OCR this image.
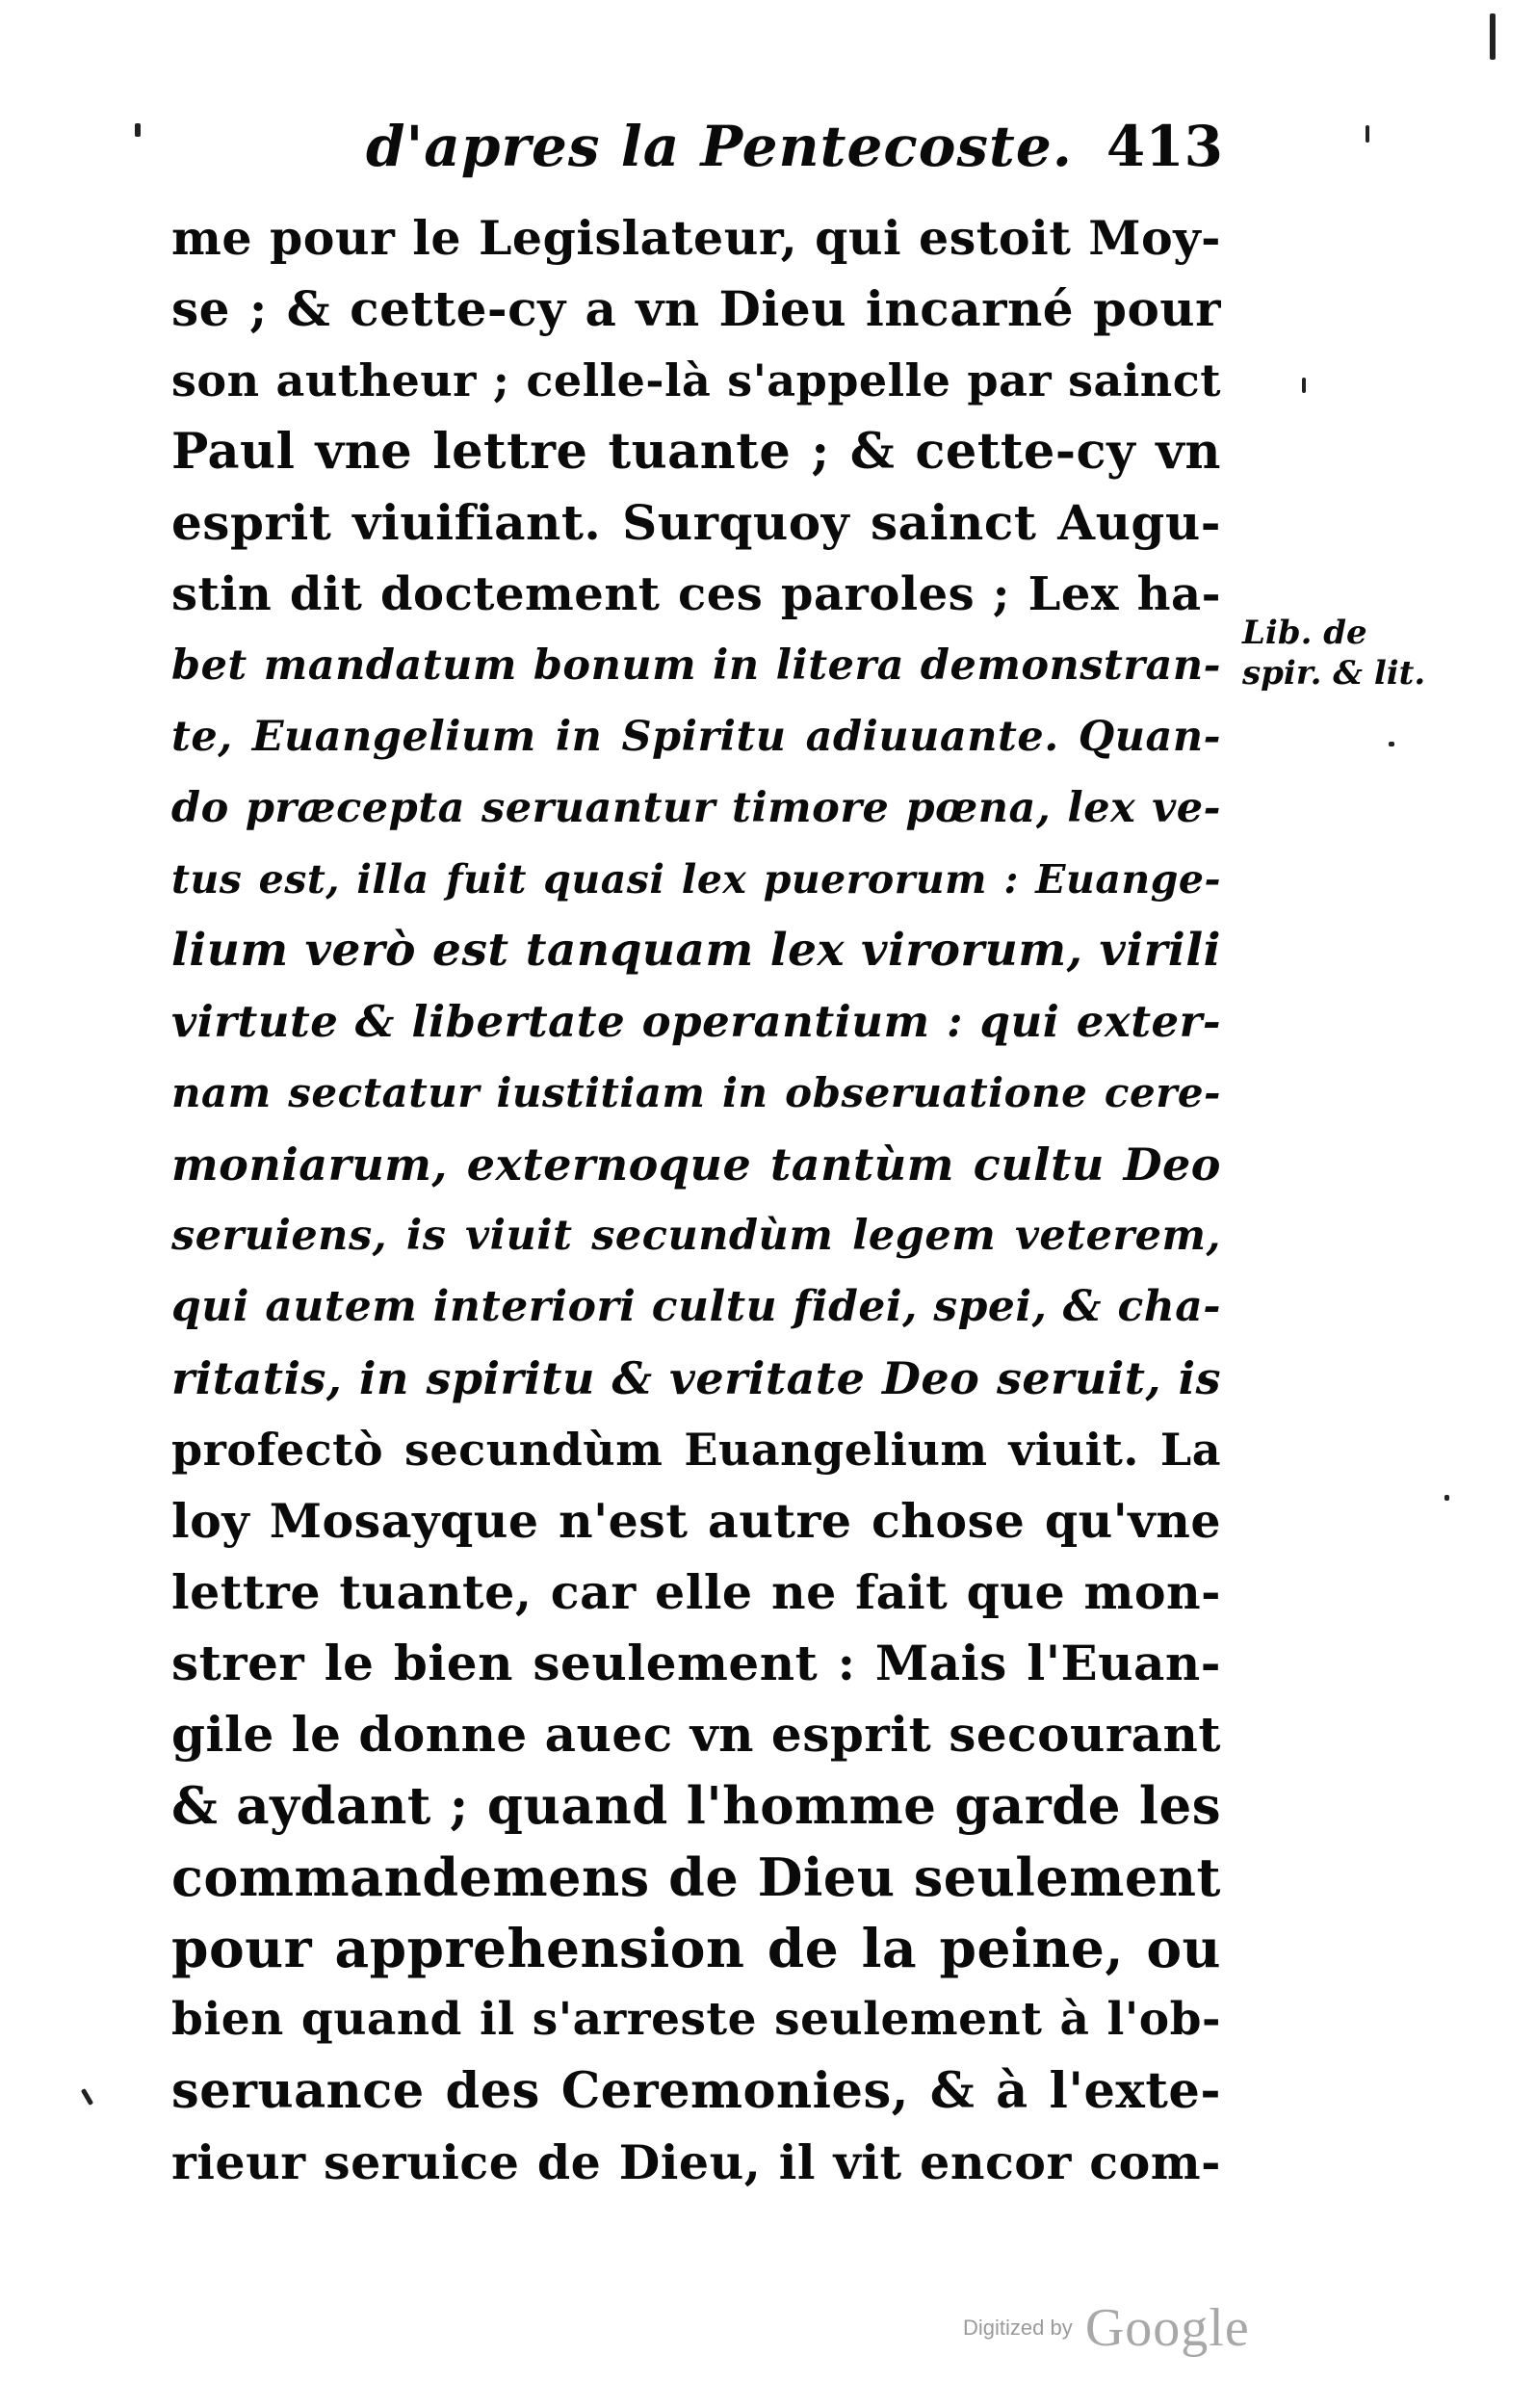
d'apres la Pentecoste. 413
me pour le Legislateur, qui estoit Moy-
se ; & cette-cy a vn Dieu incarné pour
son autheur ; celle-là s'appelle par sainct
Paul vne lettre tuante ; & cette-cy vn
esprit viuifiant. Surquoy sainct Augu-
stin dit doctement ces paroles ; Lex ha-
bet mandatum bonum in litera demonstran-
te, Euangelium in Spiritu adiuuante. Quan-
do præcepta seruantur timore pœna, lex ve-
tus est, illa fuit quasi lex puerorum : Euange-
lium verò est tanquam lex virorum, virili
virtute & libertate operantium : qui exter-
nam sectatur iustitiam in obseruatione cere-
moniarum, externoque tantùm cultu Deo
seruiens, is viuit secundùm legem veterem,
qui autem interiori cultu fidei, spei, & cha-
ritatis, in spiritu & veritate Deo seruit, is
profectò secundùm Euangelium viuit. La
loy Mosayque n'est autre chose qu'vne
lettre tuante, car elle ne fait que mon-
strer le bien seulement : Mais l'Euan-
gile le donne auec vn esprit secourant
& aydant ; quand l'homme garde les
commandemens de Dieu seulement
pour apprehension de la peine, ou
bien quand il s'arreste seulement à l'ob-
seruance des Ceremonies, & à l'exte-
rieur seruice de Dieu, il vit encor com-
Lib. de
spir. & lit.
Digitized by Google
